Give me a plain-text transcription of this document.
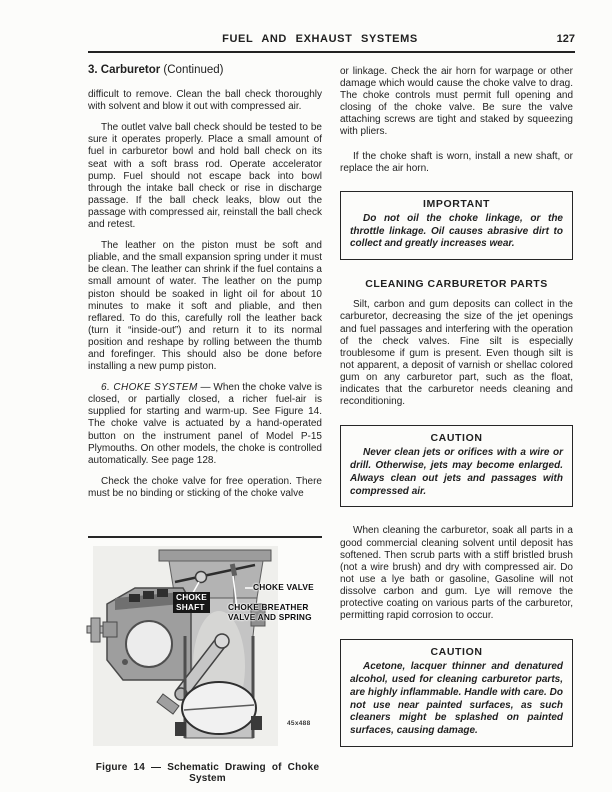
FUEL AND EXHAUST SYSTEMS	127
3. Carburetor (Continued)

difficult to remove. Clean the ball check thoroughly with solvent and blow it out with compressed air.

The outlet valve ball check should be tested to be sure it operates properly. Place a small amount of fuel in carburetor bowl and hold ball check on its seat with a soft brass rod. Operate accelerator pump. Fuel should not escape back into bowl through the intake ball check or rise in discharge passage. If the ball check leaks, blow out the passage with compressed air, reinstall the ball check and retest.

The leather on the piston must be soft and pliable, and the small expansion spring under it must be clean. The leather can shrink if the fuel contains a small amount of water. The leather on the pump piston should be soaked in light oil for about 10 minutes to make it soft and pliable, and then reflared. To do this, carefully roll the leather back (turn it “inside-out”) and return it to its normal position and reshape by rolling between the thumb and forefinger. This should also be done before installing a new pump piston.

6. CHOKE SYSTEM — When the choke valve is closed, or partially closed, a richer fuel-air is supplied for starting and warm-up. See Figure 14. The choke valve is actuated by a hand-operated button on the instrument panel of Model P-15 Plymouths. On other models, the choke is controlled automatically. See page 128.

Check the choke valve for free operation. There must be no binding or sticking of the choke valve

CHOKE VALVE
CHOKE
SHAFT	CHOKE BREATHER
VALVE AND SPRING
45x488
Figure 14 — Schematic Drawing of Choke System

or linkage. Check the air horn for warpage or other damage which would cause the choke valve to drag. The choke controls must permit full opening and closing of the choke valve. Be sure the valve attaching screws are tight and staked by squeezing with pliers.

If the choke shaft is worn, install a new shaft, or replace the air horn.

IMPORTANT

Do not oil the choke linkage, or the throttle linkage. Oil causes abrasive dirt to collect and greatly increases wear.

CLEANING CARBURETOR PARTS

Silt, carbon and gum deposits can collect in the carburetor, decreasing the size of the jet openings and fuel passages and interfering with the operation of the check valves. Fine silt is especially troublesome if gum is present. Even though silt is not apparent, a deposit of varnish or shellac colored gum on any carburetor part, such as the float, indicates that the carburetor needs cleaning and reconditioning.

CAUTION

Never clean jets or orifices with a wire or drill. Otherwise, jets may become enlarged. Always clean out jets and passages with compressed air.

When cleaning the carburetor, soak all parts in a good commercial cleaning solvent until deposit has softened. Then scrub parts with a stiff bristled brush (not a wire brush) and dry with compressed air. Do not use a lye bath or gasoline, Gasoline will not dissolve carbon and gum. Lye will remove the protective coating on various parts of the carburetor, permitting rapid corrosion to occur.

CAUTION

Acetone, lacquer thinner and denatured alcohol, used for cleaning carburetor parts, are highly inflammable. Handle with care. Do not use near painted surfaces, as such cleaners might be splashed on painted surfaces, causing damage.
